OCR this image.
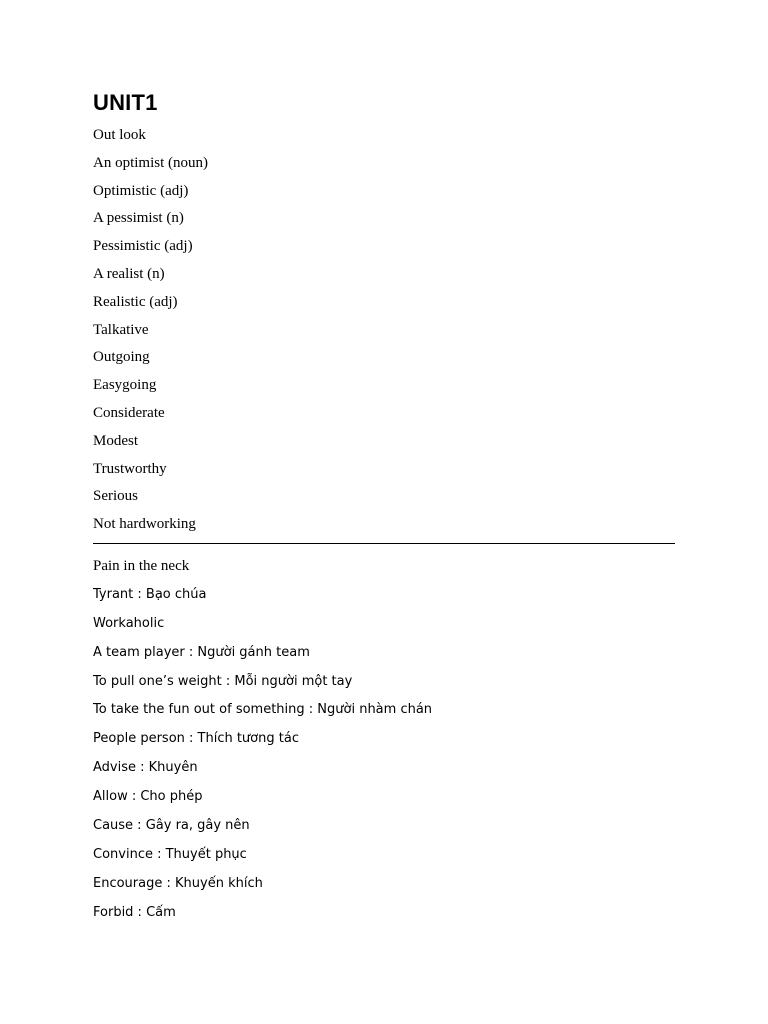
UNIT1
Out look
An optimist (noun)
Optimistic (adj)
A pessimist (n)
Pessimistic (adj)
A realist (n)
Realistic (adj)
Talkative
Outgoing
Easygoing
Considerate
Modest
Trustworthy
Serious
Not hardworking
Pain in the neck
Tyrant : Bạo chúa
Workaholic
A team player : Người gánh team
To pull one’s weight : Mỗi người một tay
To take the fun out of something : Người nhàm chán
People person : Thích tương tác
Advise : Khuyên
Allow : Cho phép
Cause : Gây ra, gây nên
Convince : Thuyết phục
Encourage : Khuyến khích
Forbid : Cấm
